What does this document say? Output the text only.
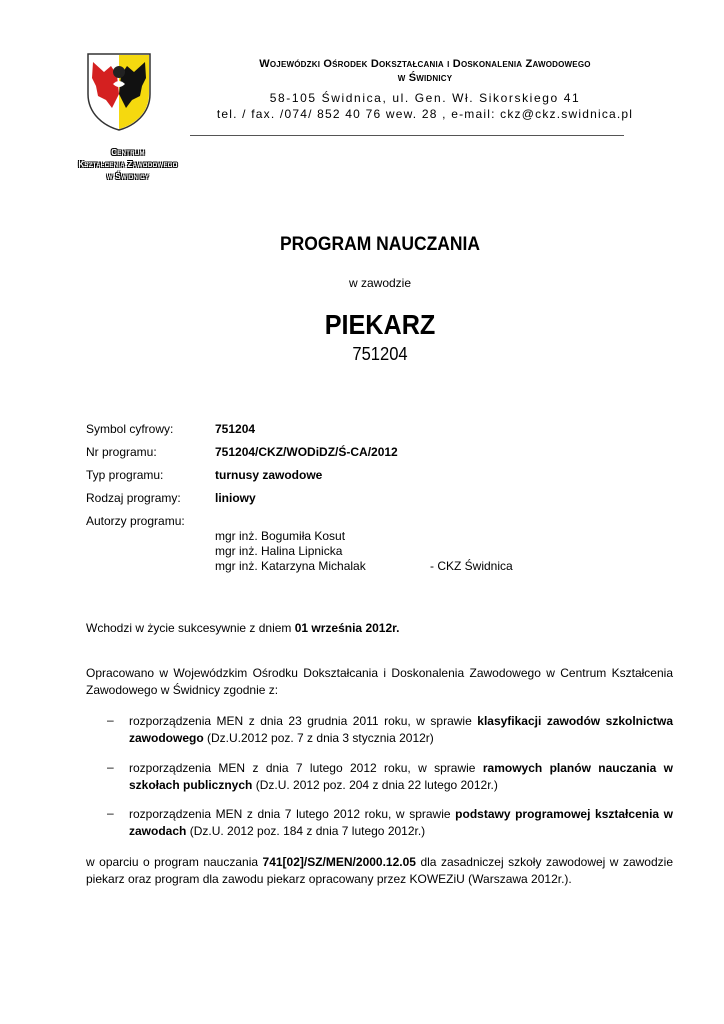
Wojewódzki Ośrodek Dokształcania i Doskonalenia Zawodowego
w Świdnicy
58-105 Świdnica, ul. Gen. Wł. Sikorskiego 41
tel. / fax. /074/ 852 40 76 wew. 28 , e-mail: ckz@ckz.swidnica.pl
Centrum
Kształcenia Zawodowego
w Świdnicy
PROGRAM NAUCZANIA
w zawodzie
PIEKARZ
751204
Symbol cyfrowy:	751204
Nr programu:	751204/CKZ/WODiDZ/Ś-CA/2012
Typ programu:	turnusy zawodowe
Rodzaj programy:	liniowy
Autorzy programu:
mgr inż. Bogumiła Kosut
mgr inż. Halina Lipnicka
mgr inż. Katarzyna Michalak	- CKZ Świdnica
Wchodzi w życie sukcesywnie z dniem 01 września 2012r.
Opracowano w Wojewódzkim Ośrodku Dokształcania i Doskonalenia Zawodowego w Centrum Kształcenia Zawodowego w Świdnicy zgodnie z:
– rozporządzenia MEN z dnia 23 grudnia 2011 roku, w sprawie klasyfikacji zawodów szkolnictwa zawodowego (Dz.U.2012 poz. 7 z dnia 3 stycznia 2012r)
– rozporządzenia MEN z dnia 7 lutego 2012 roku, w sprawie ramowych planów nauczania w szkołach publicznych (Dz.U. 2012 poz. 204 z dnia 22 lutego 2012r.)
– rozporządzenia MEN z dnia 7 lutego 2012 roku, w sprawie podstawy programowej kształcenia w zawodach (Dz.U. 2012 poz. 184 z dnia 7 lutego 2012r.)
w oparciu o program nauczania 741[02]/SZ/MEN/2000.12.05 dla zasadniczej szkoły zawodowej w zawodzie piekarz oraz program dla zawodu piekarz opracowany przez KOWEZiU (Warszawa 2012r.).
